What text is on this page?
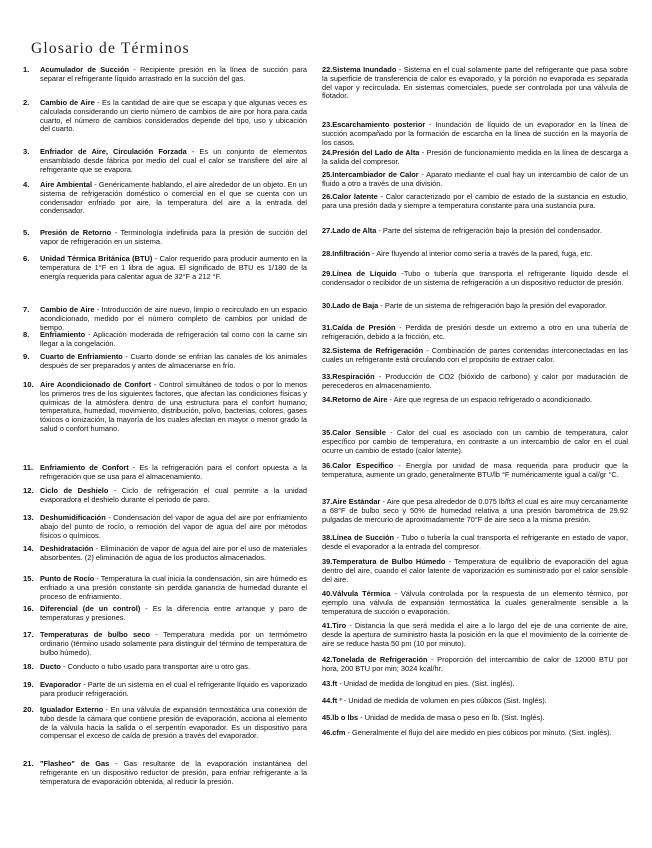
Glosario de Términos
1. Acumulador de Succión - Recipiente presión en la línea de succión para separar el refrigerante líquido arrastrado en la succión del gas.
2. Cambio de Aire - Es la cantidad de aire que se escapa y que algunas veces es calculada considerando un cierto número de cambios de aire por hora para cada cuarto, el número de cambios considerados depende del tipo, uso y ubicación del cuarto.
3. Enfriador de Aire, Circulación Forzada - Es un conjunto de elementos ensamblado desde fábrica por medio del cual el calor se transfiere del aire al refrigerante que se evapora.
4. Aire Ambiental - Genéricamente hablando, el aire alrededor de un objeto. En un sistema de refrigeración doméstico o comercial en el que se cuenta con un condensador enfriado por aire, la temperatura del aire a la entrada del condensador.
5. Presión de Retorno - Terminología indefinida para la presión de succión del vapor de refrigeración en un sistema.
6. Unidad Térmica Británica (BTU) - Calor requerido para producir aumento en la temperatura de 1°F en 1 libra de agua. El significado de BTU es 1/180 de la energía requerida para calentar agua de 32°F a 212 °F.
7. Cambio de Aire - Introducción de aire nuevo, limpio o recirculado en un espacio acondicionado, medido por el número completo de cambios por unidad de tiempo.
8. Enfriamiento - Aplicación moderada de refrigeración tal como con la carne sin llegar a la congelación.
9. Cuarto de Enfriamiento - Cuarto donde se enfrían las canales de los animales después de ser preparados y antes de almacenarse en frío.
10. Aire Acondicionado de Confort - Control simultáneo de todos o por lo menos los primeros tres de los siguientes factores, que afectan las condiciones físicas y químicas de la atmósfera dentro de una estructura para el confort humano; temperatura, humedad, movimiento, distribución, polvo, bacterias, colores, gases tóxicos o ionización, la mayoría de los cuales afectan en mayor o menor grado la salud o confort humano.
11. Enfriamiento de Confort - Es la refrigeración para el confort opuesta a la refrigeración que se usa para el almacenamiento.
12. Ciclo de Deshielo - Ciclo de refrigeración el cual permite a la unidad evaporadora el deshielo durante el periodo de paro.
13. Deshumidificación - Condensación del vapor de agua del aire por enfriamiento abajo del punto de rocío, o remoción del vapor de agua del aire por métodos físicos o químicos.
14. Deshidratación - Eliminación de vapor de agua del aire por el uso de materiales absorbentes. (2) eliminación de agua de los productos almacenados.
15. Punto de Rocío - Temperatura la cual inicia la condensación, sin aire húmedo es enfriado a una presión constante sin perdida ganancia de humedad durante el proceso de enfriamiento.
16. Diferencial (de un control) - Es la diferencia entre arranque y paro de temperaturas y presiones.
17. Temperaturas de bulbo seco - Temperatura medida por un termómetro ordinario (término usado solamente para distinguir del término de temperatura de bulbo húmedo).
18. Ducto - Conducto o tubo usado para transportar aire u otro gas.
19. Evaporador - Parte de un sistema en el cual el refrigerante líquido es vaporizado para producir refrigeración.
20. Igualador Externo - En una válvula de expansión termostática una conexión de tubo desde la cámara que contiene presión de evaporación, acciona al elemento de la válvula hacia la salida o el serpentín evaporador. Es un dispositivo para compensar el exceso de caída de presión a través del evaporador.
21. "Flasheo" de Gas - Gas resultante de la evaporación instantánea del refrigerante en un dispositivo reductor de presión, para enfriar refrigerante a la temperatura de evaporación obtenida, al reducir la presión.
22.Sistema Inundado - Sistema en el cual solamente parte del refrigerante que pasa sobre la superficie de transferencia de calor es evaporado, y la porción no evaporada es separada del vapor y recirculada. En sistemas comerciales, puede ser controlada por una válvula de flotador.
23.Escarchamiento posterior - Inundación de líquido de un evaporador en la línea de succión acompañado por la formación de escarcha en la línea de succión en la mayoría de los casos.
24.Presión del Lado de Alta - Presión de funcionamiento medida en la línea de descarga a la salida del compresor.
25.Intercambiador de Calor - Aparato mediante el cual hay un intercambio de calor de un fluido a otro a través de una división.
26.Calor latente - Calor caracterizado por el cambio de estado de la sustancia en estudio, para una presión dada y siempre a temperatura constante para una sustancia pura.
27.Lado de Alta - Parte del sistema de refrigeración bajo la presión del condensador.
28.Infiltración - Aire fluyendo al interior como sería a través de la pared, fuga, etc.
29.Línea de Líquido -Tubo o tubería que transporta el refrigerante líquido desde el condensador o recibidor de un sistema de refrigeración a un dispositivo reductor de presión.
30.Lado de Baja - Parte de un sistema de refrigeración bajo la presión del evaporador.
31.Caída de Presión - Perdida de presión desde un extremo a otro en una tubería de refrigeración, debido a la fricción, etc.
32.Sistema de Refrigeración - Combinación de partes contenidas interconectadas en las cuales un refrigerante está circulando con el propósito de extraer calor.
33.Respiración - Producción de CO2 (bióxido de carbono) y calor por maduración de perecederos en almacenamiento.
34.Retorno de Aire - Aire que regresa de un espacio refrigerado o acondicionado.
35.Calor Sensible - Calor del cual es asociado con un cambio de temperatura, calor específico por cambio de temperatura, en contraste a un intercambio de calor en el cual ocurre un cambio de estado (calor latente).
36.Calor Específico - Energía por unidad de masa requerida para producir que la temperatura, aumente un grado, generalmente BTU/lb °F numéricamente igual a cal/gr °C.
37.Aire Estándar - Aire que pesa alrededor de 0.075 lb/ft3 el cual es aire muy cercanamente a 68°F de bulbo seco y 50% de humedad relativa a una presión barométrica de 29.92 pulgadas de mercurio de aproximadamente 70°F de aire seco a la misma presión.
38.Línea de Succión - Tubo o tubería la cual transporta el refrigerante en estado de vapor, desde el evaporador a la entrada del compresor.
39.Temperatura de Bulbo Húmedo - Temperatura de equilibrio de evaporación del agua dentro del aire, cuando el calor latente de vaporización es suministrado por el calor sensible del aire.
40.Válvula Térmica - Válvula controlada por la respuesta de un elemento térmico, por ejemplo una válvula de expansión termostática la cuales generalmente sensible a la temperatura de succión o evaporación.
41.Tiro - Distancia la que será medida el aire a lo largo del eje de una corriente de aire, desde la apertura de suministro hasta la posición en la que el movimiento de la corriente de aire se reduce hasta 50 pm (10 por minuto).
42.Tonelada de Refrigeración - Proporción del intercambio de calor de 12000 BTU por hora, 200 BTU por min; 3024 kcal/hr.
43.ft - Unidad de medida de longitud en pies. (Sist. inglés).
44.ft ³ - Unidad de medida de volumen en pies cúbicos (Sist. Inglés).
45.lb o lbs - Unidad de medida de masa o peso en lb. (Sist. Inglés).
46.cfm - Generalmente el flujo del aire medido en pies cúbicos por minuto. (Sist. inglés).
